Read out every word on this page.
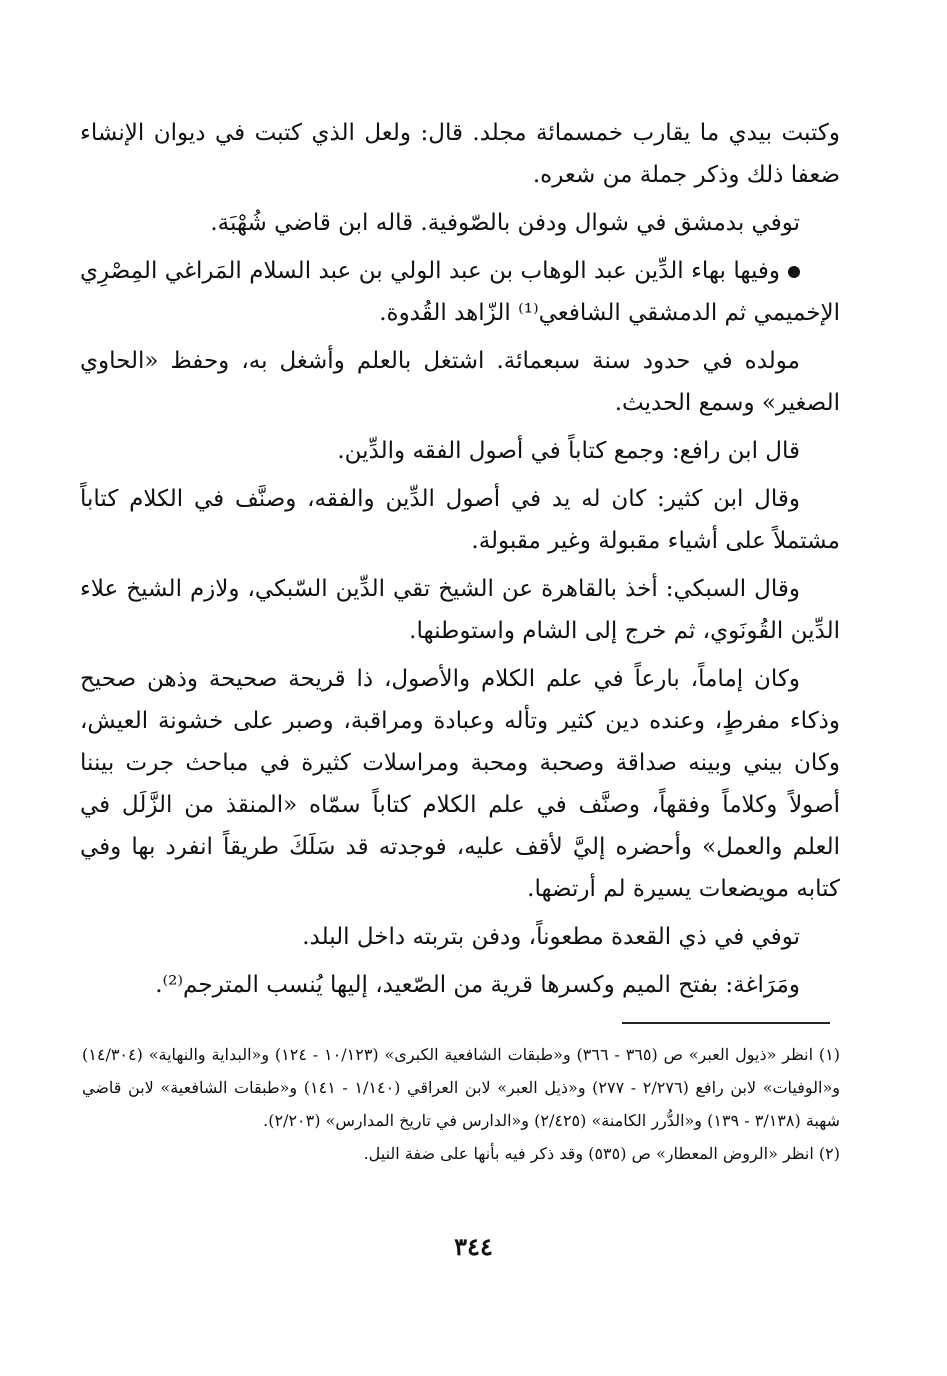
وكتبت بيدي ما يقارب خمسمائة مجلد. قال: ولعل الذي كتبت في ديوان الإنشاء ضعفا ذلك وذكر جملة من شعره.

توفي بدمشق في شوال ودفن بالصّوفية. قاله ابن قاضي شُهْبَة.

وفيها بهاء الدِّين عبد الوهاب بن عبد الولي بن عبد السلام المَراغي المِصْرِي الإخميمي ثم الدمشقي الشافعي⁽¹⁾ الزّاهد القُدوة.

مولده في حدود سنة سبعمائة. اشتغل بالعلم وأشغل به، وحفظ «الحاوي الصغير» وسمع الحديث.

قال ابن رافع: وجمع كتاباً في أصول الفقه والدِّين.

وقال ابن كثير: كان له يد في أصول الدِّين والفقه، وصنَّف في الكلام كتاباً مشتملاً على أشياء مقبولة وغير مقبولة.

وقال السبكي: أخذ بالقاهرة عن الشيخ تقي الدِّين السّبكي، ولازم الشيخ علاء الدِّين القُونَوي، ثم خرج إلى الشام واستوطنها.

وكان إماماً، بارعاً في علم الكلام والأصول، ذا قريحة صحيحة وذهن صحيح وذكاء مفرطٍ، وعنده دين كثير وتأله وعبادة ومراقبة، وصبر على خشونة العيش، وكان بيني وبينه صداقة وصحبة ومحبة ومراسلات كثيرة في مباحث جرت بيننا أصولاً وكلاماً وفقهاً، وصنَّف في علم الكلام كتاباً سمّاه «المنقذ من الزَّلَل في العلم والعمل» وأحضره إليَّ لأقف عليه، فوجدته قد سَلَكَ طريقاً انفرد بها وفي كتابه مويضعات يسيرة لم أرتضها.

توفي في ذي القعدة مطعوناً، ودفن بتربته داخل البلد.

ومَرَاغة: بفتح الميم وكسرها قرية من الصّعيد، إليها يُنسب المترجم⁽²⁾.

(١) انظر «ذيول العبر» ص (٣٦٥ - ٣٦٦) و«طبقات الشافعية الكبرى» (١٠/١٢٣ - ١٢٤) و«البداية والنهاية» (١٤/٣٠٤) و«الوفيات» لابن رافع (٢/٢٧٦ - ٢٧٧) و«ذيل العبر» لابن العراقي (١/١٤٠ - ١٤١) و«طبقات الشافعية» لابن قاضي شهبة (٣/١٣٨ - ١٣٩) و«الدُّرر الكامنة» (٢/٤٢٥) و«الدارس في تاريخ المدارس» (٢/٢٠٣).

(٢) انظر «الروض المعطار» ص (٥٣٥) وقد ذكر فيه بأنها على ضفة النيل.

٣٤٤
